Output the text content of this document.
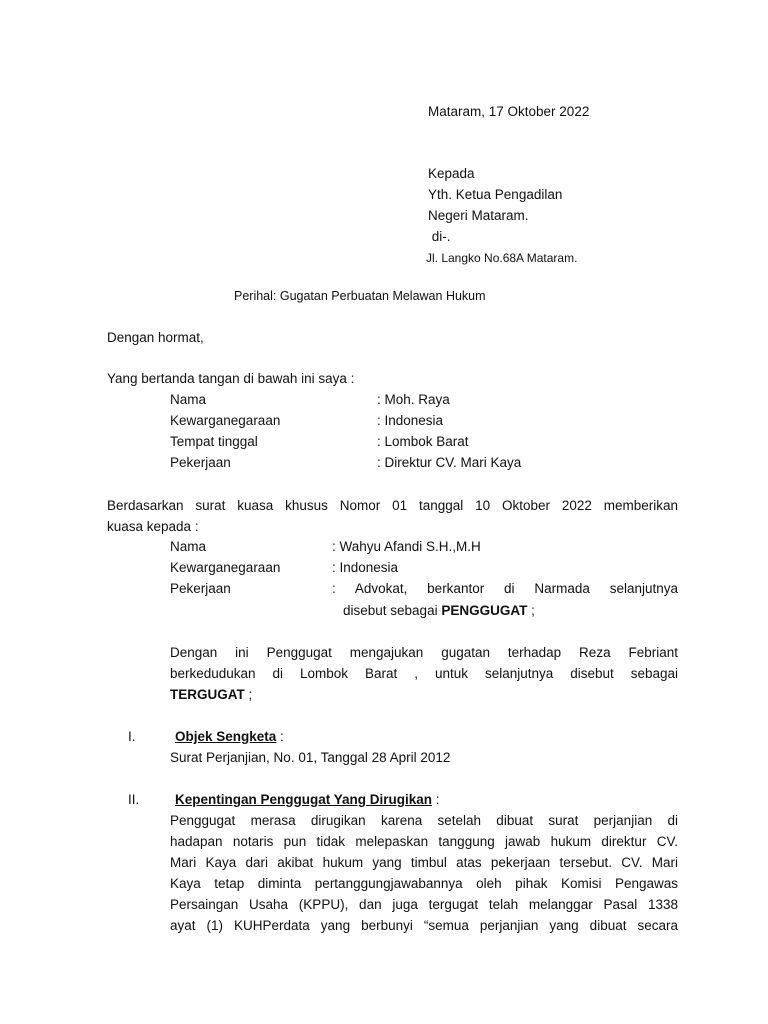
Mataram, 17 Oktober 2022
Kepada
Yth. Ketua Pengadilan
Negeri Mataram.
di-.
Jl. Langko No.68A Mataram.
Perihal: Gugatan Perbuatan Melawan Hukum
Dengan hormat,
Yang bertanda tangan di bawah ini saya :
Nama	: Moh. Raya
Kewarganegaraan	: Indonesia
Tempat tinggal	: Lombok Barat
Pekerjaan	: Direktur CV. Mari Kaya
Berdasarkan surat kuasa khusus Nomor 01 tanggal 10 Oktober 2022 memberikan
kuasa kepada :
Nama	: Wahyu Afandi S.H.,M.H
Kewarganegaraan	: Indonesia
Pekerjaan	: Advokat, berkantor di Narmada selanjutnya
disebut sebagai PENGGUGAT ;
Dengan ini Penggugat mengajukan gugatan terhadap Reza Febriant
berkedudukan di Lombok Barat , untuk selanjutnya disebut sebagai
TERGUGAT ;
I.	Objek Sengketa :
Surat Perjanjian, No. 01, Tanggal 28 April 2012
II.	Kepentingan Penggugat Yang Dirugikan :
Penggugat merasa dirugikan karena setelah dibuat surat perjanjian di
hadapan notaris pun tidak melepaskan tanggung jawab hukum direktur CV.
Mari Kaya dari akibat hukum yang timbul atas pekerjaan tersebut. CV. Mari
Kaya tetap diminta pertanggungjawabannya oleh pihak Komisi Pengawas
Persaingan Usaha (KPPU), dan juga tergugat telah melanggar Pasal 1338
ayat (1) KUHPerdata yang berbunyi “semua perjanjian yang dibuat secara
